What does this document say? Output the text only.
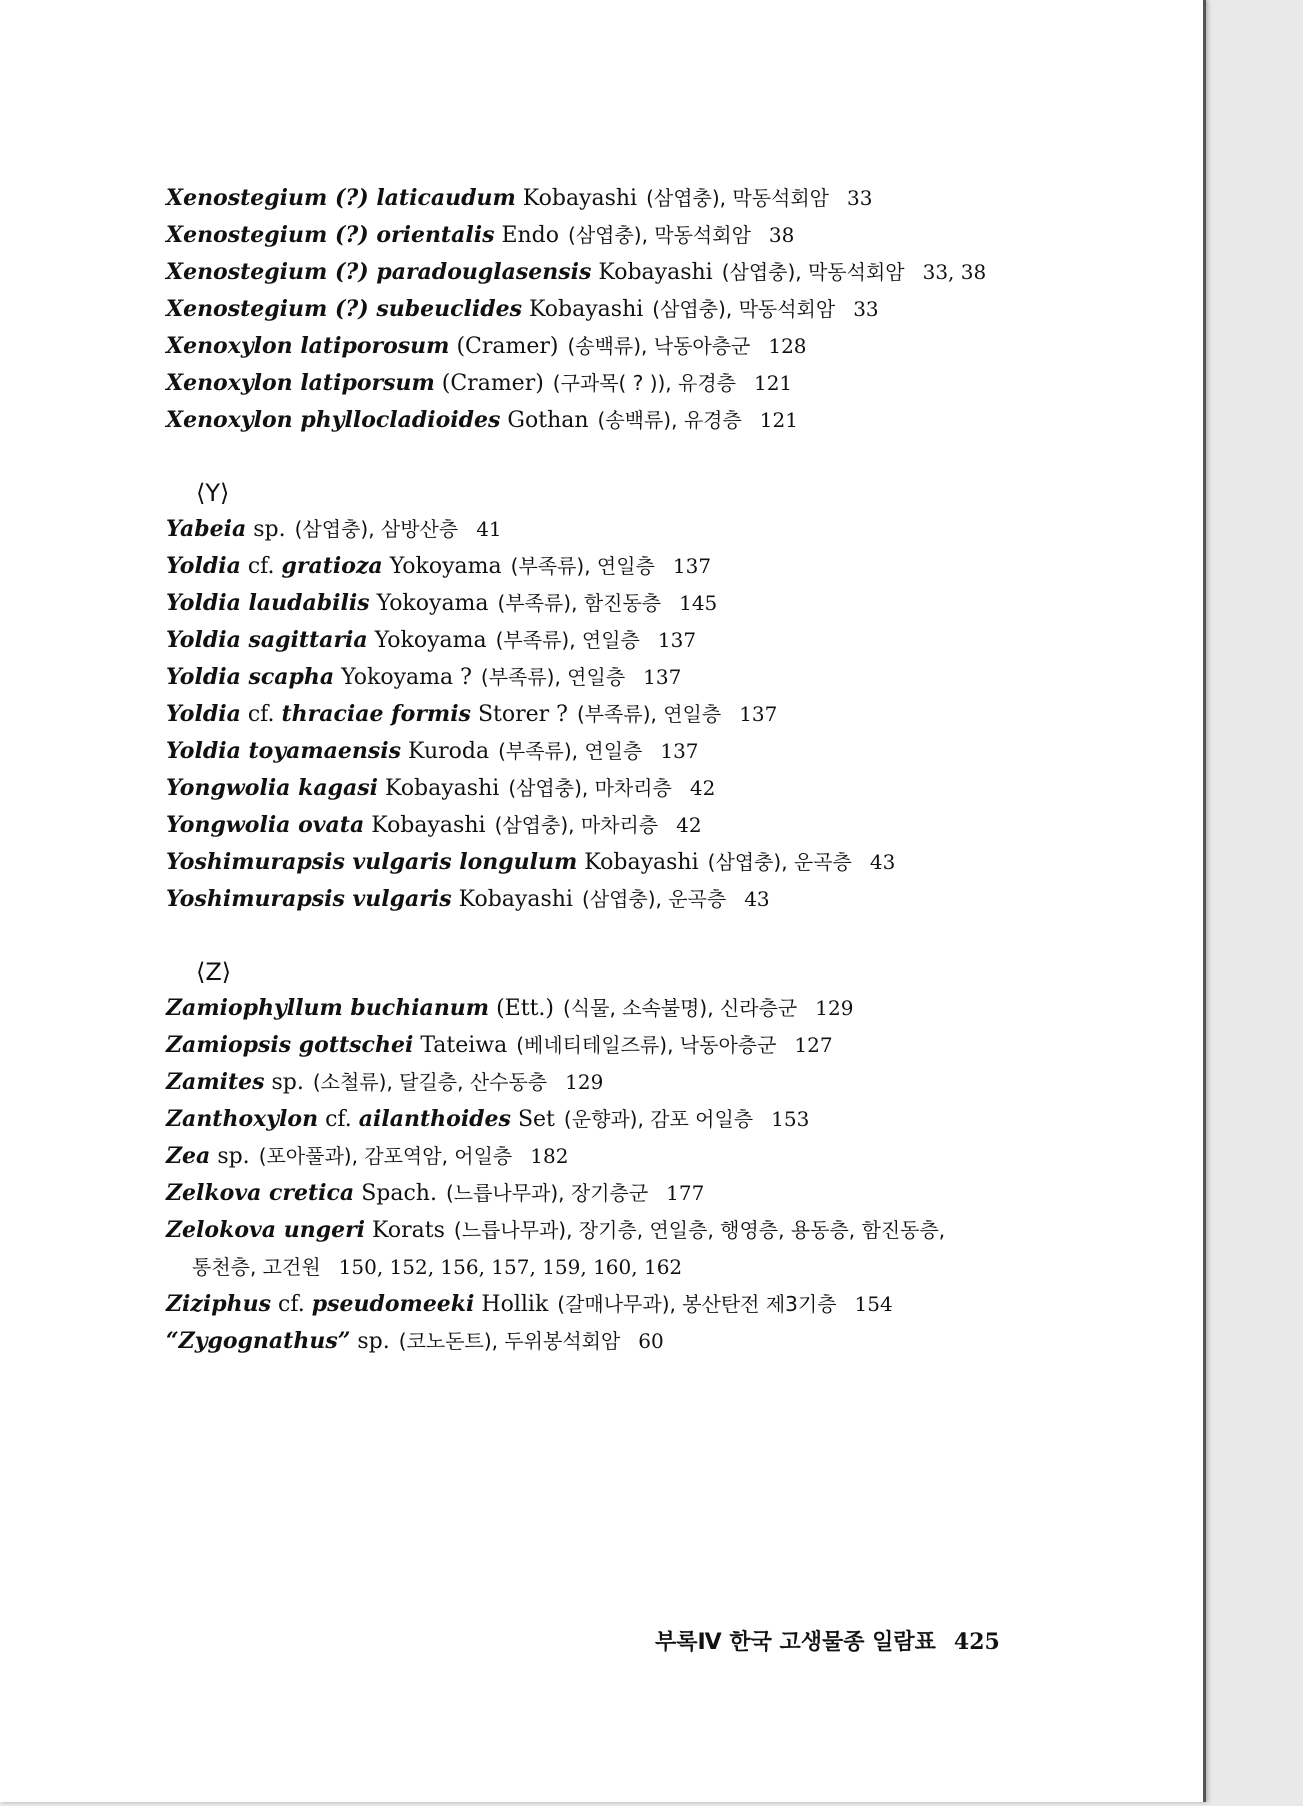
Xenostegium (?) laticaudum Kobayashi (삼엽충), 막동석회암 33
Xenostegium (?) orientalis Endo (삼엽충), 막동석회암 38
Xenostegium (?) paradouglasensis Kobayashi (삼엽충), 막동석회암 33, 38
Xenostegium (?) subeuclides Kobayashi (삼엽충), 막동석회암 33
Xenoxylon latiporosum (Cramer) (송백류), 낙동아층군 128
Xenoxylon latiporsum (Cramer) (구과목( ? )), 유경층 121
Xenoxylon phyllocladioides Gothan (송백류), 유경층 121
⟨Y⟩
Yabeia sp. (삼엽충), 삼방산층 41
Yoldia cf. gratioza Yokoyama (부족류), 연일층 137
Yoldia laudabilis Yokoyama (부족류), 함진동층 145
Yoldia sagittaria Yokoyama (부족류), 연일층 137
Yoldia scapha Yokoyama ? (부족류), 연일층 137
Yoldia cf. thraciae formis Storer ? (부족류), 연일층 137
Yoldia toyamaensis Kuroda (부족류), 연일층 137
Yongwolia kagasi Kobayashi (삼엽충), 마차리층 42
Yongwolia ovata Kobayashi (삼엽충), 마차리층 42
Yoshimurapsis vulgaris longulum Kobayashi (삼엽충), 운곡층 43
Yoshimurapsis vulgaris Kobayashi (삼엽충), 운곡층 43
⟨Z⟩
Zamiophyllum buchianum (Ett.) (식물, 소속불명), 신라층군 129
Zamiopsis gottschei Tateiwa (베네티테일즈류), 낙동아층군 127
Zamites sp. (소철류), 달길층, 산수동층 129
Zanthoxylon cf. ailanthoides Set (운향과), 감포 어일층 153
Zea sp. (포아풀과), 감포역암, 어일층 182
Zelkova cretica Spach. (느릅나무과), 장기층군 177
Zelokova ungeri Korats (느릅나무과), 장기층, 연일층, 행영층, 용동층, 함진동층,
통천층, 고건원 150, 152, 156, 157, 159, 160, 162
Ziziphus cf. pseudomeeki Hollik (갈매나무과), 봉산탄전 제3기층 154
“Zygognathus” sp. (코노돈트), 두위봉석회암 60
부록Ⅳ 한국 고생물종 일람표 425
